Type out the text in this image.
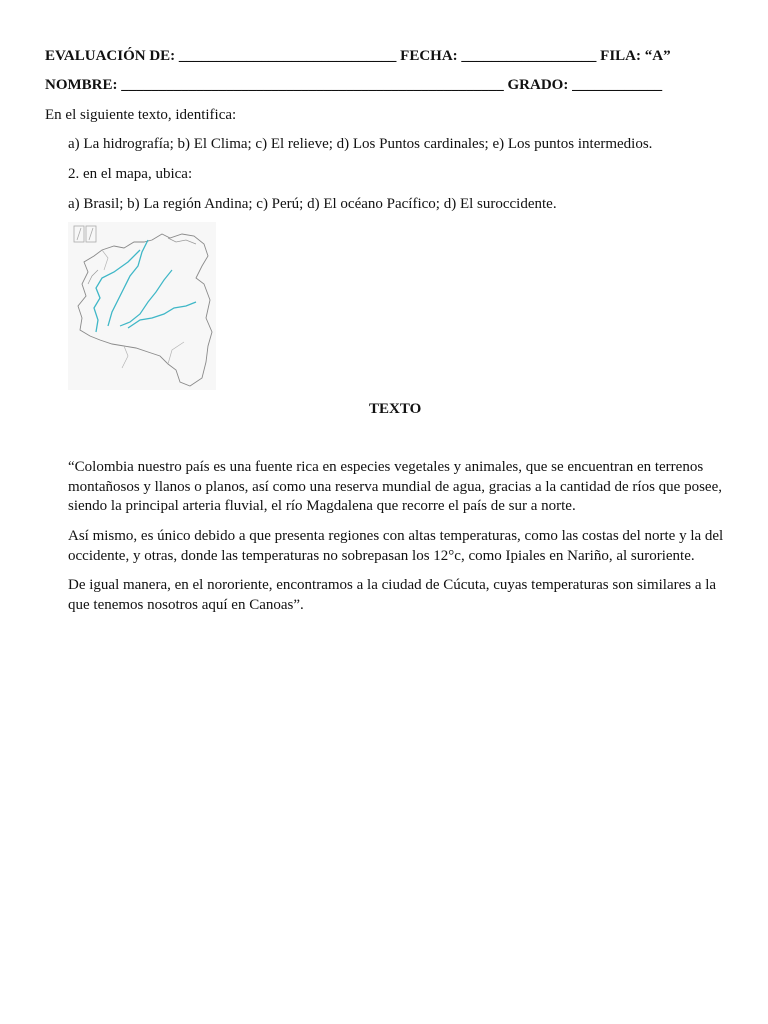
EVALUACIÓN DE: _____________________________ FECHA: __________________ FILA: “A”
NOMBRE: ___________________________________________________ GRADO: ____________
En el siguiente texto, identifica:
a) La hidrografía; b) El Clima; c) El relieve; d) Los Puntos cardinales; e) Los puntos intermedios.
2. en el mapa, ubica:
a) Brasil; b) La región Andina; c) Perú; d) El océano Pacífico; d) El suroccidente.
TEXTO
“Colombia nuestro país es una fuente rica en especies vegetales y animales, que se encuentran en terrenos montañosos y llanos o planos, así como una reserva mundial de agua, gracias a la cantidad de ríos que posee, siendo la principal arteria fluvial, el río Magdalena que recorre el país de sur a norte.
Así mismo, es único debido a que presenta regiones con altas temperaturas, como las costas del norte y la del occidente, y otras, donde las temperaturas no sobrepasan los 12°c, como Ipiales en Nariño, al suroriente.
De igual manera, en el nororiente, encontramos a la ciudad de Cúcuta, cuyas temperaturas son similares a la que tenemos nosotros aquí en Canoas”.
